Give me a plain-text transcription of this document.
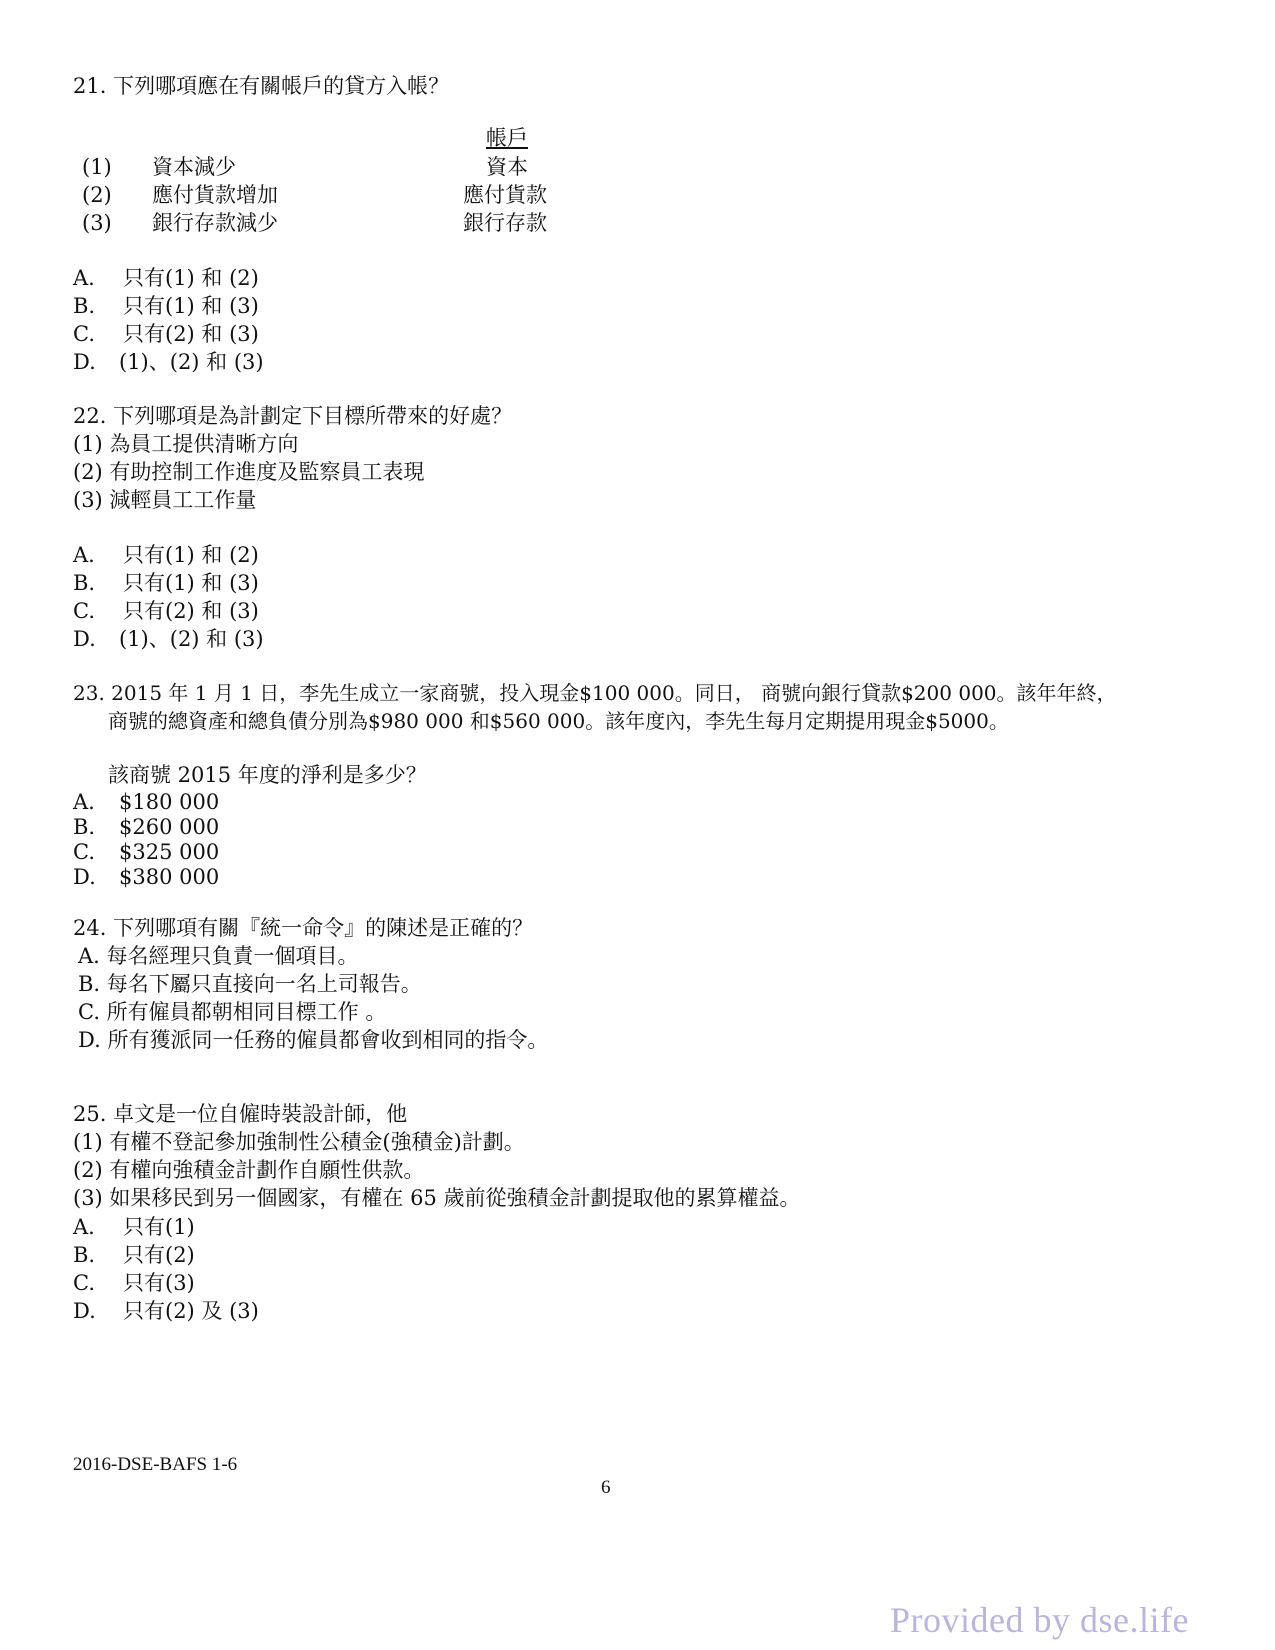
21. 下列哪項應在有關帳戶的貸方入帳？
帳戶
(1) 資本減少	資本
(2) 應付貨款增加	應付貨款
(3) 銀行存款減少	銀行存款
A. 只有(1) 和 (2)
B. 只有(1) 和 (3)
C. 只有(2) 和 (3)
D. (1)、(2) 和 (3)
22. 下列哪項是為計劃定下目標所帶來的好處？
(1) 為員工提供清晰方向
(2) 有助控制工作進度及監察員工表現
(3) 減輕員工工作量
A. 只有(1) 和 (2)
B. 只有(1) 和 (3)
C. 只有(2) 和 (3)
D. (1)、(2) 和 (3)
23. 2015 年 1 月 1 日，李先生成立一家商號，投入現金$100 000。同日， 商號向銀行貸款$200 000。該年年終，
商號的總資產和總負債分別為$980 000 和$560 000。該年度內，李先生每月定期提用現金$5000。
該商號 2015 年度的淨利是多少？
A. $180 000
B. $260 000
C. $325 000
D. $380 000
24. 下列哪項有關『統一命令』的陳述是正確的？
A. 每名經理只負責一個項目。
B. 每名下屬只直接向一名上司報告。
C. 所有僱員都朝相同目標工作 。
D. 所有獲派同一任務的僱員都會收到相同的指令。
25. 卓文是一位自僱時裝設計師，他
(1) 有權不登記參加強制性公積金(強積金)計劃。
(2) 有權向強積金計劃作自願性供款。
(3) 如果移民到另一個國家，有權在 65 歲前從強積金計劃提取他的累算權益。
A. 只有(1)
B. 只有(2)
C. 只有(3)
D. 只有(2) 及 (3)
2016-DSE-BAFS 1-6
6
Provided by dse.life
